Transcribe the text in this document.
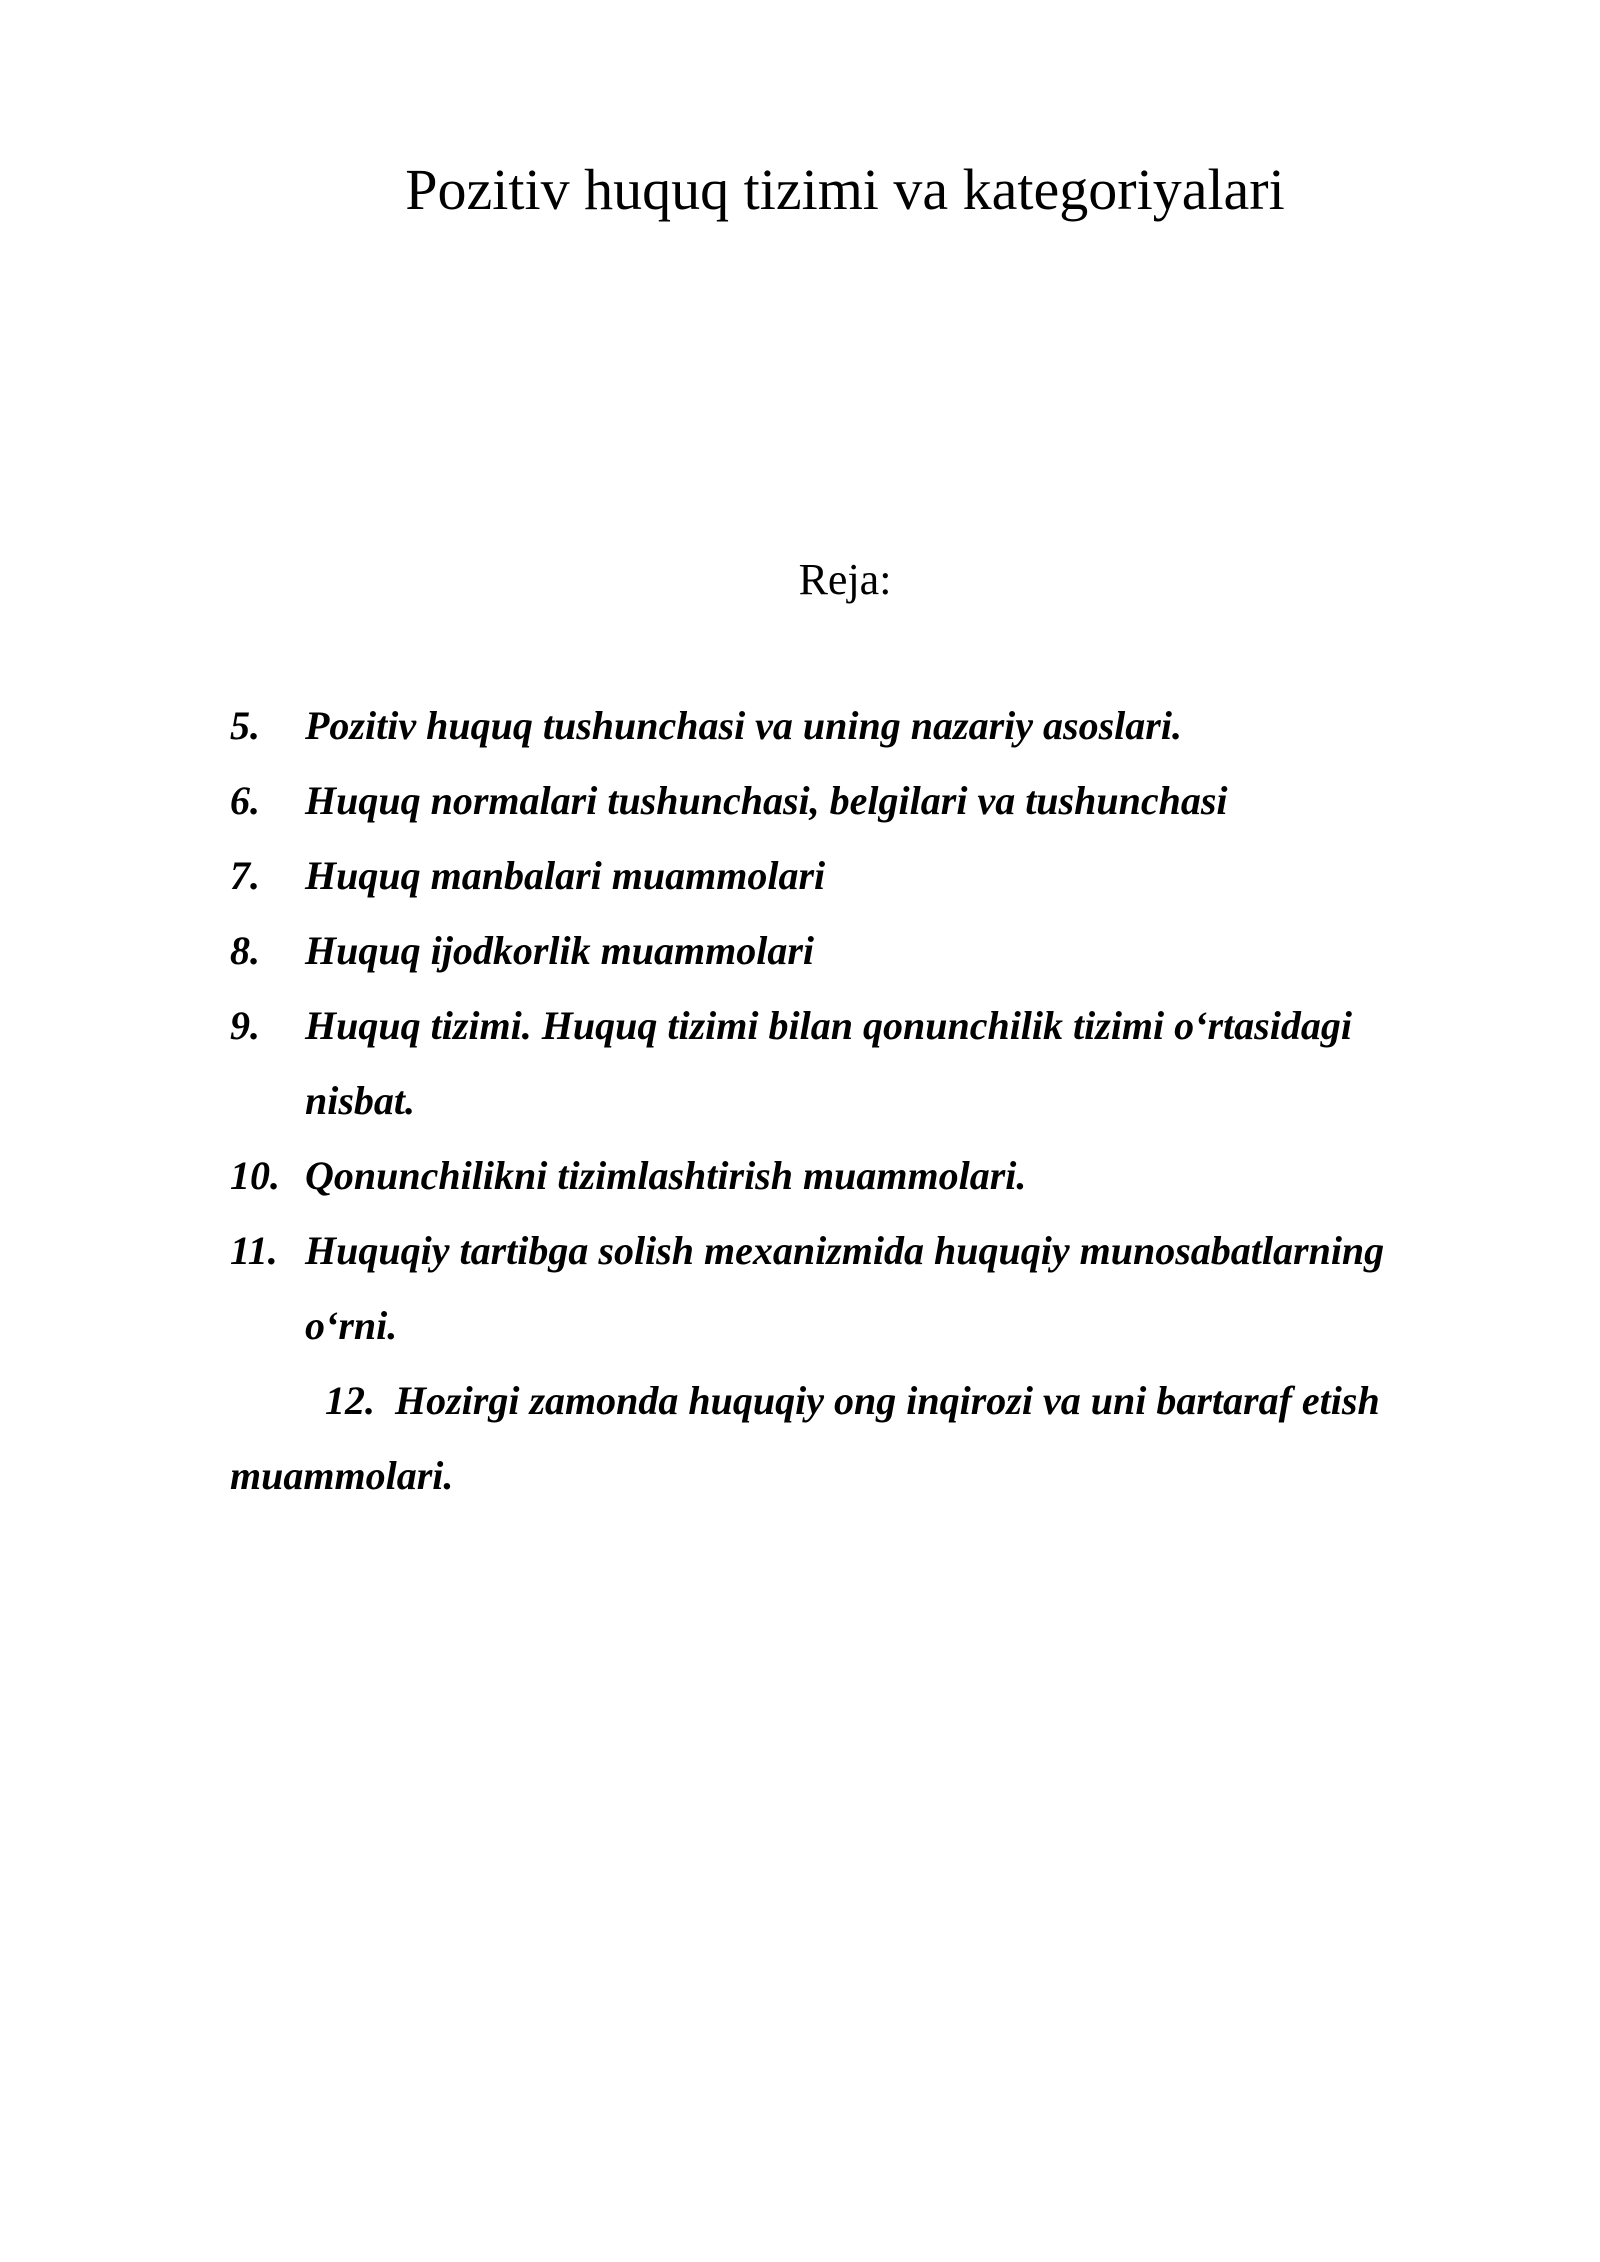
Pozitiv huquq tizimi va kategoriyalari
Reja:
5. Pozitiv huquq tushunchasi va uning nazariy asoslari.
6. Huquq normalari tushunchasi, belgilari va tushunchasi
7. Huquq manbalari muammolari
8. Huquq ijodkorlik muammolari
9. Huquq tizimi. Huquq tizimi bilan qonunchilik tizimi o‘rtasidagi nisbat.
10. Qonunchilikni tizimlashtirish muammolari.
11. Huquqiy tartibga solish mexanizmida huquqiy munosabatlarning o‘rni.
12. Hozirgi zamonda huquqiy ong inqirozi va uni bartaraf etish muammolari.
